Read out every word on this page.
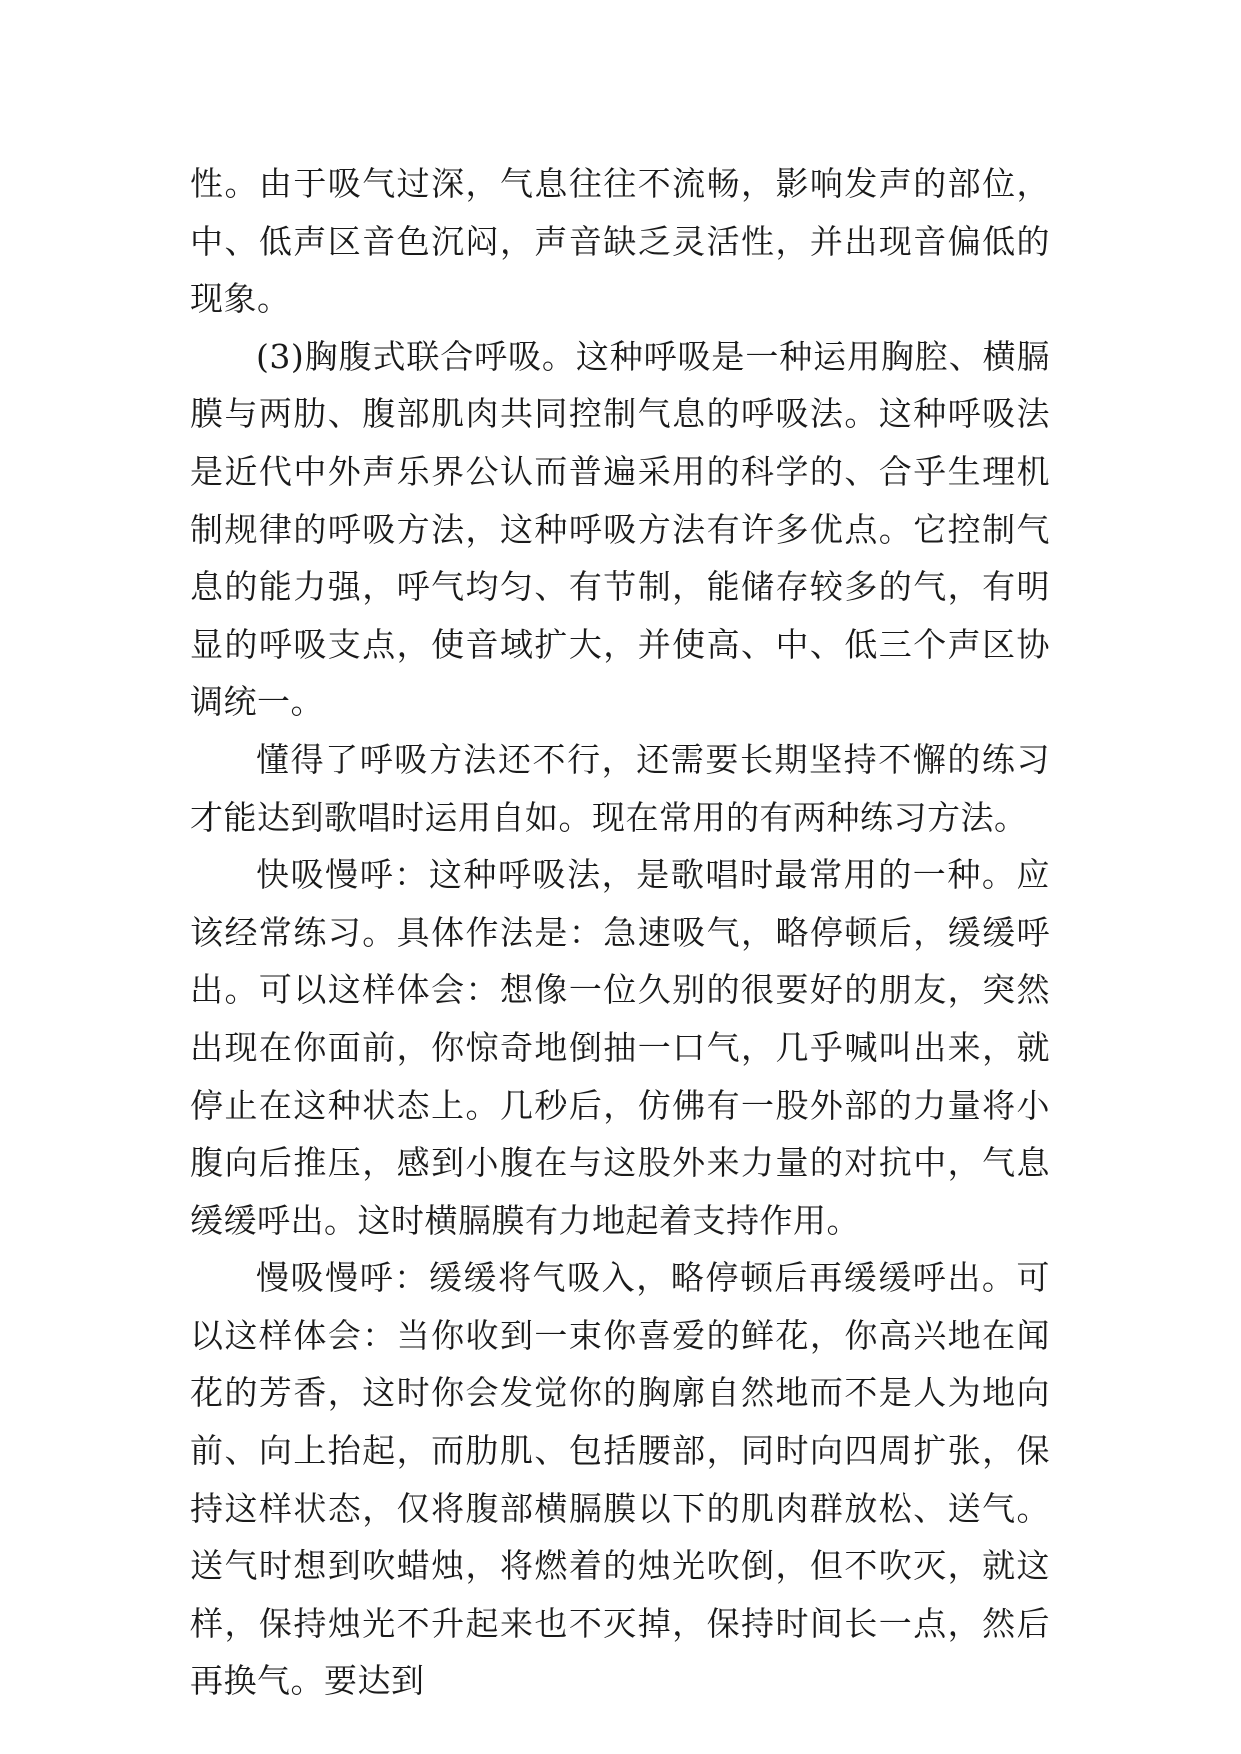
性。由于吸气过深，气息往往不流畅，影响发声的部位，中、低声区音色沉闷，声音缺乏灵活性，并出现音偏低的现象。

(3)胸腹式联合呼吸。这种呼吸是一种运用胸腔、横膈膜与两肋、腹部肌肉共同控制气息的呼吸法。这种呼吸法是近代中外声乐界公认而普遍采用的科学的、合乎生理机制规律的呼吸方法，这种呼吸方法有许多优点。它控制气息的能力强，呼气均匀、有节制，能储存较多的气，有明显的呼吸支点，使音域扩大，并使高、中、低三个声区协调统一。

懂得了呼吸方法还不行，还需要长期坚持不懈的练习才能达到歌唱时运用自如。现在常用的有两种练习方法。

快吸慢呼：这种呼吸法，是歌唱时最常用的一种。应该经常练习。具体作法是：急速吸气，略停顿后，缓缓呼出。可以这样体会：想像一位久别的很要好的朋友，突然出现在你面前，你惊奇地倒抽一口气，几乎喊叫出来，就停止在这种状态上。几秒后，仿佛有一股外部的力量将小腹向后推压，感到小腹在与这股外来力量的对抗中，气息缓缓呼出。这时横膈膜有力地起着支持作用。

慢吸慢呼：缓缓将气吸入，略停顿后再缓缓呼出。可以这样体会：当你收到一束你喜爱的鲜花，你高兴地在闻花的芳香，这时你会发觉你的胸廓自然地而不是人为地向前、向上抬起，而肋肌、包括腰部，同时向四周扩张，保持这样状态，仅将腹部横膈膜以下的肌肉群放松、送气。送气时想到吹蜡烛，将燃着的烛光吹倒，但不吹灭，就这样，保持烛光不升起来也不灭掉，保持时间长一点，然后再换气。要达到
